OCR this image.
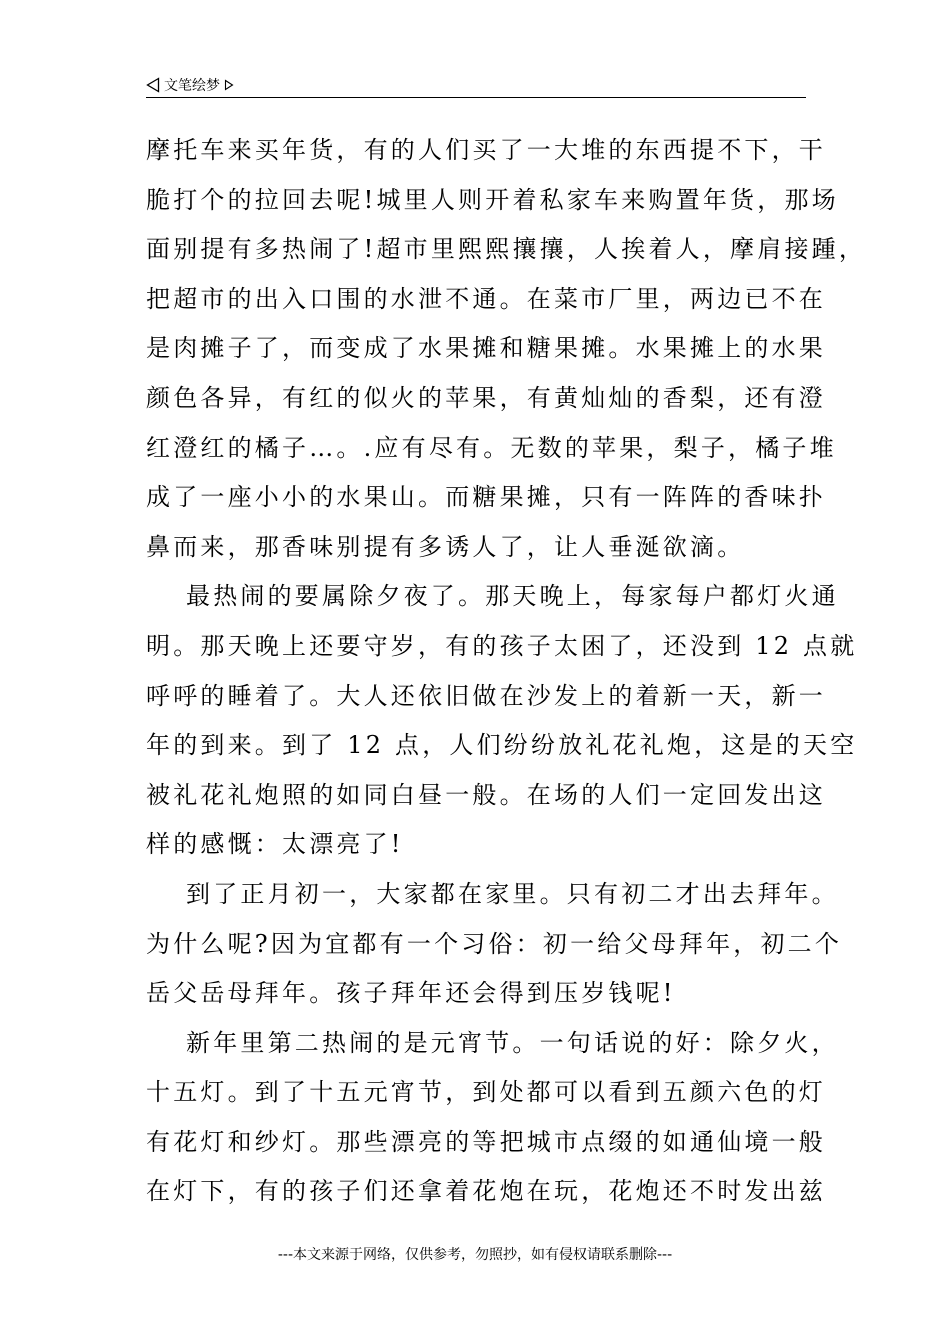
文笔绘梦
摩托车来买年货，有的人们买了一大堆的东西提不下，干
脆打个的拉回去呢!城里人则开着私家车来购置年货，那场
面别提有多热闹了!超市里熙熙攘攘，人挨着人，摩肩接踵，
把超市的出入口围的水泄不通。在菜市厂里，两边已不在
是肉摊子了，而变成了水果摊和糖果摊。水果摊上的水果
颜色各异，有红的似火的苹果，有黄灿灿的香梨，还有澄
红澄红的橘子…。.应有尽有。无数的苹果，梨子，橘子堆
成了一座小小的水果山。而糖果摊，只有一阵阵的香味扑
鼻而来，那香味别提有多诱人了，让人垂涎欲滴。
最热闹的要属除夕夜了。那天晚上，每家每户都灯火通
明。那天晚上还要守岁，有的孩子太困了，还没到 12 点就
呼呼的睡着了。大人还依旧做在沙发上的着新一天，新一
年的到来。到了 12 点，人们纷纷放礼花礼炮，这是的天空
被礼花礼炮照的如同白昼一般。在场的人们一定回发出这
样的感慨：太漂亮了!
到了正月初一，大家都在家里。只有初二才出去拜年。
为什么呢?因为宜都有一个习俗：初一给父母拜年，初二个
岳父岳母拜年。孩子拜年还会得到压岁钱呢!
新年里第二热闹的是元宵节。一句话说的好：除夕火，
十五灯。到了十五元宵节，到处都可以看到五颜六色的灯
有花灯和纱灯。那些漂亮的等把城市点缀的如通仙境一般
在灯下，有的孩子们还拿着花炮在玩，花炮还不时发出兹
---本文来源于网络，仅供参考，勿照抄，如有侵权请联系删除---
